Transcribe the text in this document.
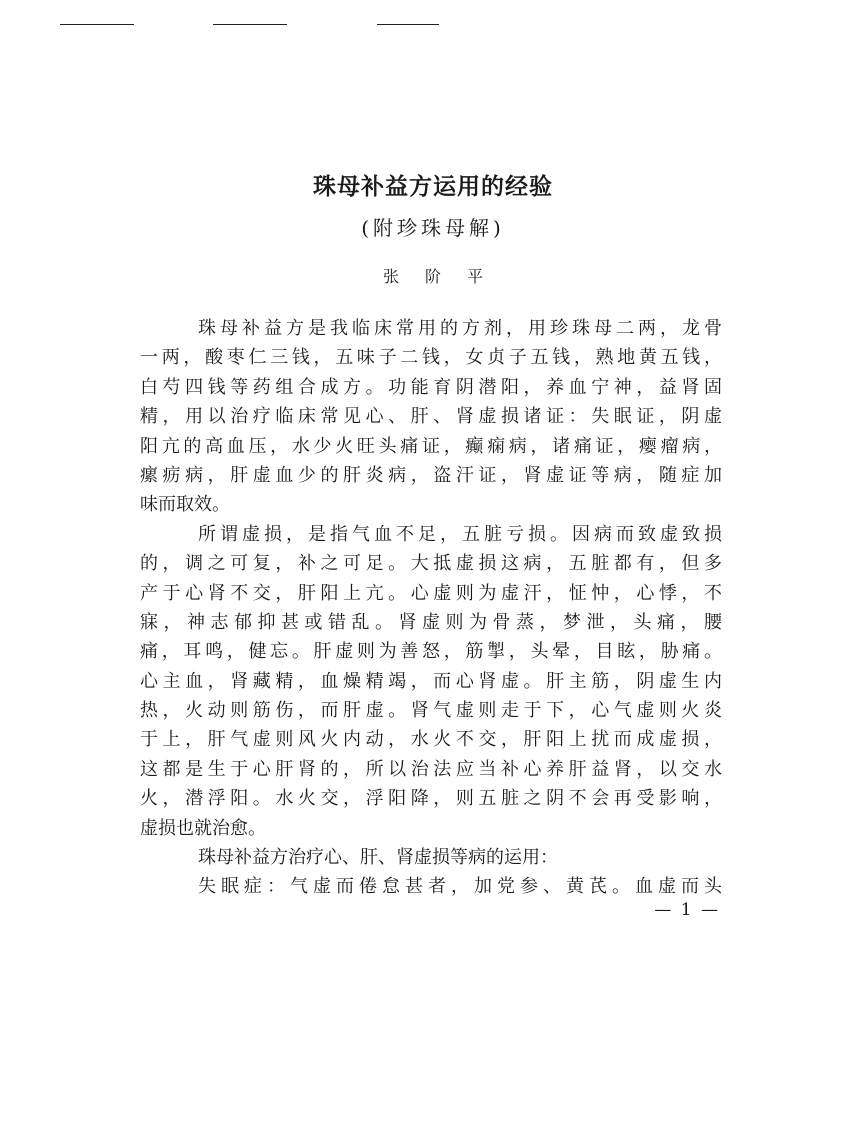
珠母补益方运用的经验
(附珍珠母解)
张阶平
珠母补益方是我临床常用的方剂，用珍珠母二两，龙骨
一两，酸枣仁三钱，五味子二钱，女贞子五钱，熟地黄五钱，
白芍四钱等药组合成方。功能育阴潜阳，养血宁神，益肾固
精，用以治疗临床常见心、肝、肾虚损诸证：失眠证，阴虚
阳亢的高血压，水少火旺头痛证，癫痫病，诸痛证，瘿瘤病，
瘰疬病，肝虚血少的肝炎病，盗汗证，肾虚证等病，随症加
味而取效。
所谓虚损，是指气血不足，五脏亏损。因病而致虚致损
的，调之可复，补之可足。大抵虚损这病，五脏都有，但多
产于心肾不交，肝阳上亢。心虚则为虚汗，怔忡，心悸，不
寐，神志郁抑甚或错乱。肾虚则为骨蒸，梦泄，头痛，腰
痛，耳鸣，健忘。肝虚则为善怒，筋掣，头晕，目眩，胁痛。
心主血，肾藏精，血燥精竭，而心肾虚。肝主筋，阴虚生内
热，火动则筋伤，而肝虚。肾气虚则走于下，心气虚则火炎
于上，肝气虚则风火内动，水火不交，肝阳上扰而成虚损，
这都是生于心肝肾的，所以治法应当补心养肝益肾，以交水
火，潜浮阳。水火交，浮阳降，则五脏之阴不会再受影响，
虚损也就治愈。
珠母补益方治疗心、肝、肾虚损等病的运用：
失眠症：气虚而倦怠甚者，加党参、黄芪。血虚而头
— 1 —
